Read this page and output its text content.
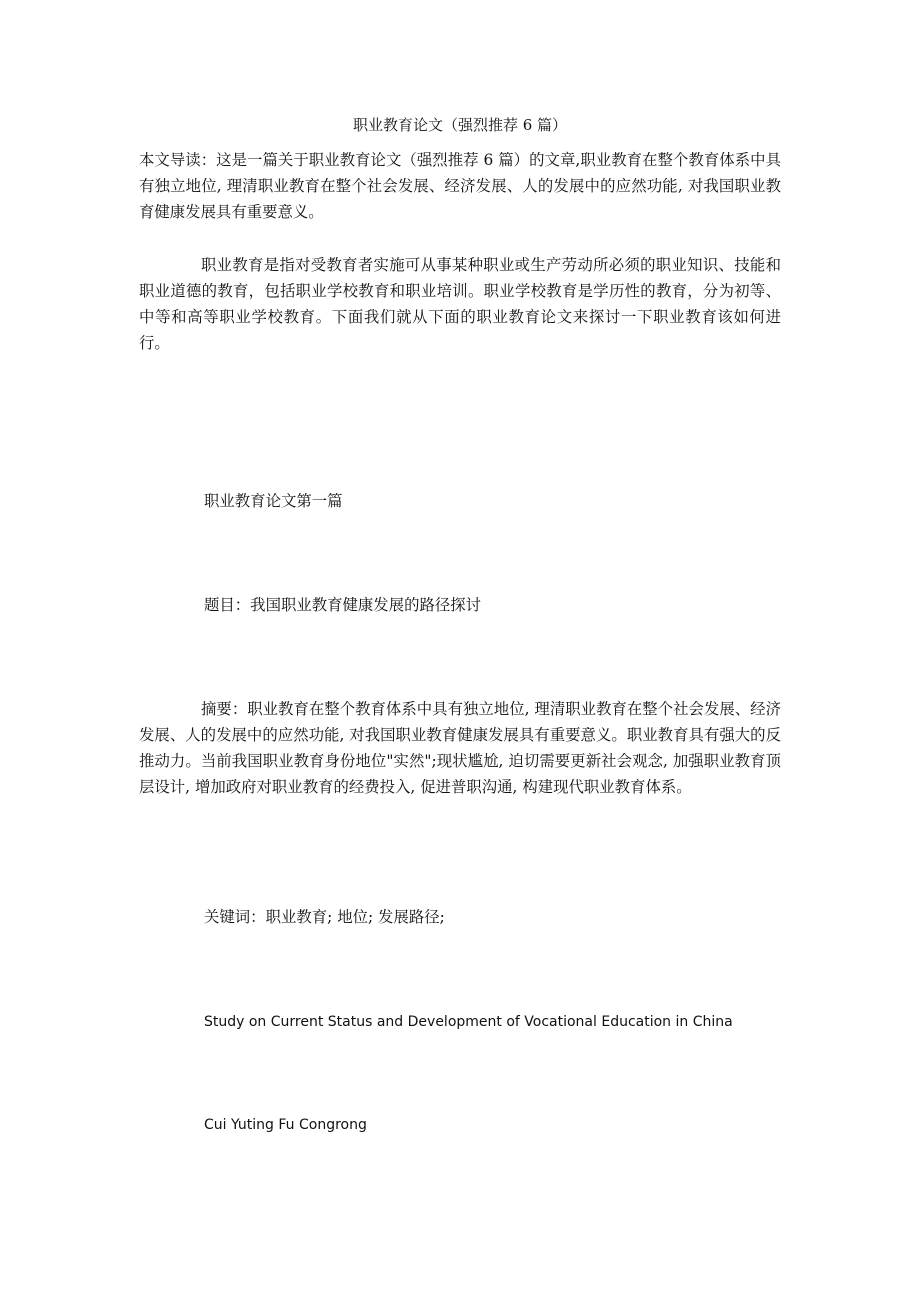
职业教育论文（强烈推荐 6 篇）

本文导读：这是一篇关于职业教育论文（强烈推荐 6 篇）的文章,职业教育在整个教育体系中具有独立地位, 理清职业教育在整个社会发展、经济发展、人的发展中的应然功能, 对我国职业教育健康发展具有重要意义。

职业教育是指对受教育者实施可从事某种职业或生产劳动所必须的职业知识、技能和职业道德的教育，包括职业学校教育和职业培训。职业学校教育是学历性的教育，分为初等、中等和高等职业学校教育。下面我们就从下面的职业教育论文来探讨一下职业教育该如何进行。

职业教育论文第一篇
题目：我国职业教育健康发展的路径探讨

摘要：职业教育在整个教育体系中具有独立地位, 理清职业教育在整个社会发展、经济发展、人的发展中的应然功能, 对我国职业教育健康发展具有重要意义。职业教育具有强大的反推动力。当前我国职业教育身份地位"实然";现状尴尬, 迫切需要更新社会观念, 加强职业教育顶层设计, 增加政府对职业教育的经费投入, 促进普职沟通, 构建现代职业教育体系。

关键词：职业教育; 地位; 发展路径;
Study on Current Status and Development of Vocational Education in China
Cui Yuting Fu Congrong
